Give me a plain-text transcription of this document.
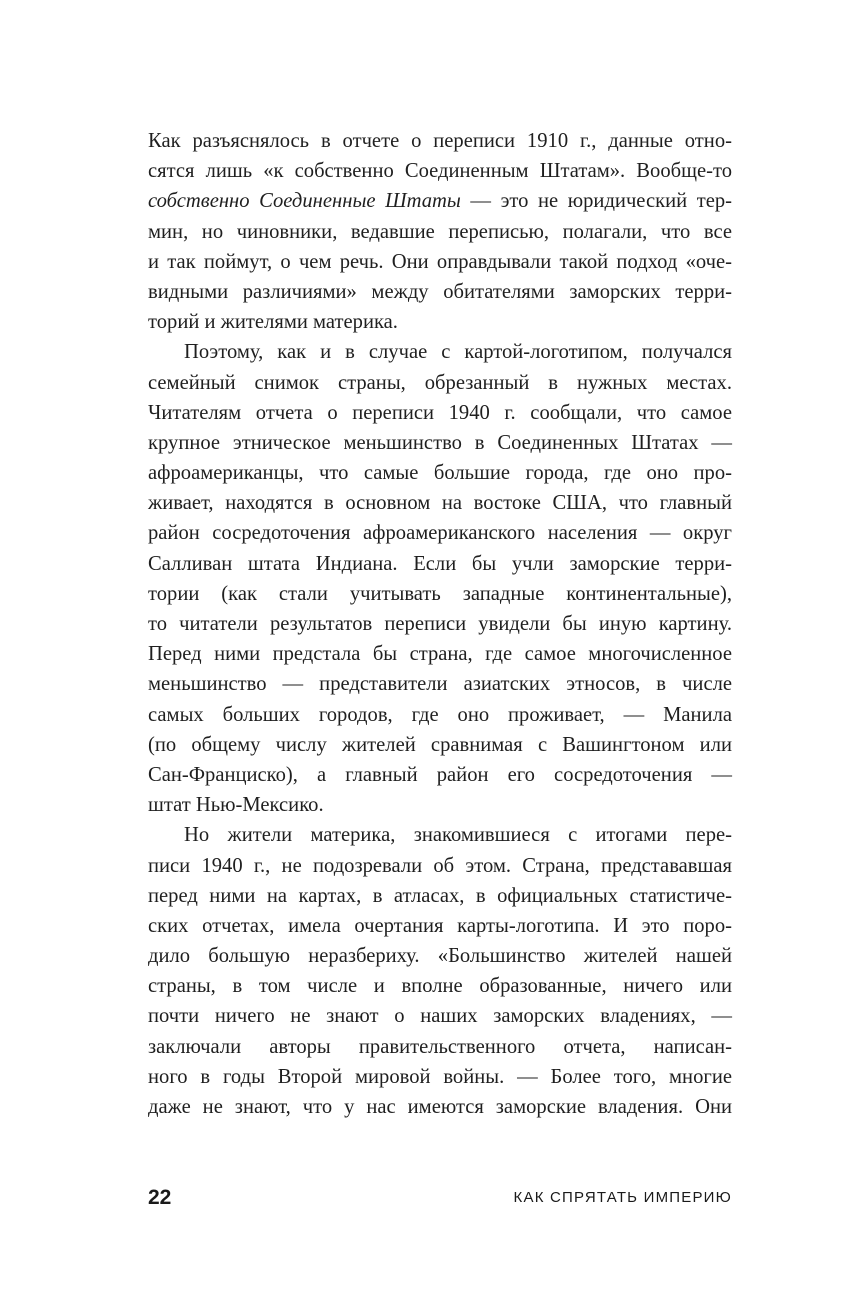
Как разъяснялось в отчете о переписи 1910 г., данные отно-
сятся лишь «к собственно Соединенным Штатам». Вообще-то
собственно Соединенные Штаты — это не юридический тер-
мин, но чиновники, ведавшие переписью, полагали, что все
и так поймут, о чем речь. Они оправдывали такой подход «оче-
видными различиями» между обитателями заморских терри-
торий и жителями материка.
Поэтому, как и в случае с картой-логотипом, получался
семейный снимок страны, обрезанный в нужных местах.
Читателям отчета о переписи 1940 г. сообщали, что самое
крупное этническое меньшинство в Соединенных Штатах —
афроамериканцы, что самые большие города, где оно про-
живает, находятся в основном на востоке США, что главный
район сосредоточения афроамериканского населения — округ
Салливан штата Индиана. Если бы учли заморские терри-
тории (как стали учитывать западные континентальные),
то читатели результатов переписи увидели бы иную картину.
Перед ними предстала бы страна, где самое многочисленное
меньшинство — представители азиатских этносов, в числе
самых больших городов, где оно проживает, — Манила
(по общему числу жителей сравнимая с Вашингтоном или
Сан-Франциско), а главный район его сосредоточения —
штат Нью-Мексико.
Но жители материка, знакомившиеся с итогами пере-
писи 1940 г., не подозревали об этом. Страна, представавшая
перед ними на картах, в атласах, в официальных статистиче-
ских отчетах, имела очертания карты-логотипа. И это поро-
дило большую неразбериху. «Большинство жителей нашей
страны, в том числе и вполне образованные, ничего или
почти ничего не знают о наших заморских владениях, —
заключали авторы правительственного отчета, написан-
ного в годы Второй мировой войны. — Более того, многие
даже не знают, что у нас имеются заморские владения. Они
22	КАК СПРЯТАТЬ ИМПЕРИЮ
